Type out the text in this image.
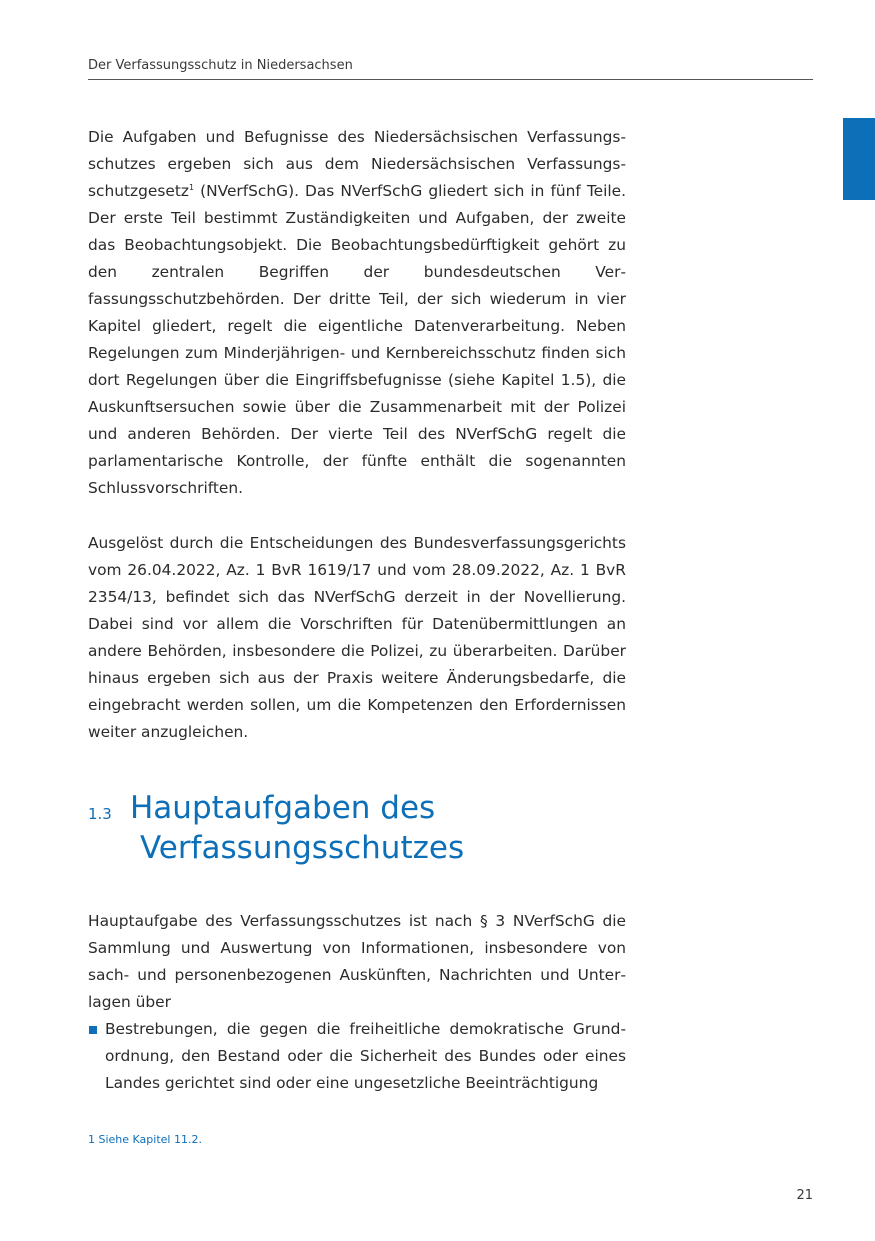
Der Verfassungsschutz in Niedersachsen

Die Aufgaben und Befugnisse des Niedersächsischen Verfassungsschutzes ergeben sich aus dem Niedersächsischen Verfassungsschutzgesetz$^1$ (NVerfSchG). Das NVerfSchG gliedert sich in fünf Teile. Der erste Teil bestimmt Zuständigkeiten und Aufgaben, der zweite das Beobachtungsobjekt. Die Beobachtungsbedürftigkeit gehört zu den zentralen Begriffen der bundesdeutschen Verfassungsschutzbehörden. Der dritte Teil, der sich wiederum in vier Kapitel gliedert, regelt die eigentliche Datenverarbeitung. Neben Regelungen zum Minderjährigen- und Kernbereichsschutz finden sich dort Regelungen über die Eingriffsbefugnisse (siehe Kapitel 1.5), die Auskunftsersuchen sowie über die Zusammenarbeit mit der Polizei und anderen Behörden. Der vierte Teil des NVerfSchG regelt die parlamentarische Kontrolle, der fünfte enthält die sogenannten Schlussvorschriften.

Ausgelöst durch die Entscheidungen des Bundesverfassungsgerichts vom 26.04.2022, Az. 1 BvR 1619/17 und vom 28.09.2022, Az. 1 BvR 2354/13, befindet sich das NVerfSchG derzeit in der Novellierung. Dabei sind vor allem die Vorschriften für Datenübermittlungen an andere Behörden, insbesondere die Polizei, zu überarbeiten. Darüber hinaus ergeben sich aus der Praxis weitere Änderungsbedarfe, die eingebracht werden sollen, um die Kompetenzen den Erfordernissen weiter anzugleichen.

1.3 Hauptaufgaben des
Verfassungsschutzes

Hauptaufgabe des Verfassungsschutzes ist nach § 3 NVerfSchG die Sammlung und Auswertung von Informationen, insbesondere von sach- und personenbezogenen Auskünften, Nachrichten und Unterlagen über

Bestrebungen, die gegen die freiheitliche demokratische Grundordnung, den Bestand oder die Sicherheit des Bundes oder eines Landes gerichtet sind oder eine ungesetzliche Beeinträchtigung
1 Siehe Kapitel 11.2.
21
